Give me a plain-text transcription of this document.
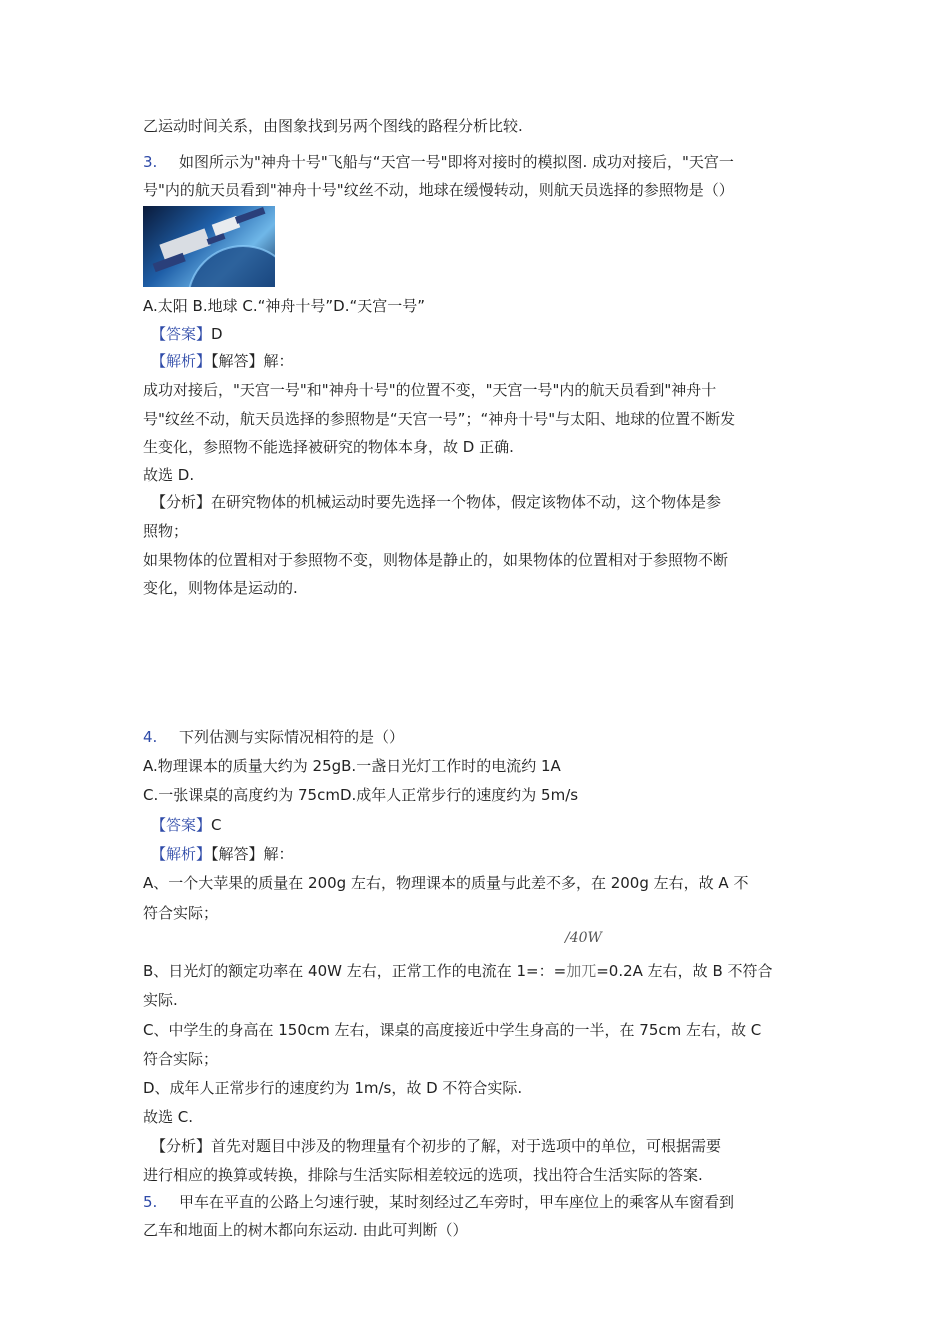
乙运动时间关系，由图象找到另两个图线的路程分析比较.
3. 如图所示为"神舟十号"飞船与“天宫一号"即将对接时的模拟图. 成功对接后，"天宫一
号"内的航天员看到"神舟十号"纹丝不动，地球在缓慢转动，则航天员选择的参照物是（）
A.太阳 B.地球 C.“神舟十号”D.“天宫一号”
【答案】D
【解析】【解答】解：
成功对接后，"天宫一号"和"神舟十号"的位置不变，"天宫一号"内的航天员看到"神舟十
号"纹丝不动，航天员选择的参照物是“天宫一号”；“神舟十号"与太阳、地球的位置不断发
生变化，参照物不能选择被研究的物体本身，故 D 正确.
故选 D.
【分析】在研究物体的机械运动时要先选择一个物体，假定该物体不动，这个物体是参
照物；
如果物体的位置相对于参照物不变，则物体是静止的，如果物体的位置相对于参照物不断
变化，则物体是运动的.
4. 下列估测与实际情况相符的是（）
A.物理课本的质量大约为 25gB.一盏日光灯工作时的电流约 1A
C.一张课桌的高度约为 75cmD.成年人正常步行的速度约为 5m/s
【答案】C
【解析】【解答】解：
A、一个大苹果的质量在 200g 左右，物理课本的质量与此差不多，在 200g 左右，故 A 不
符合实际；
/40W
B、日光灯的额定功率在 40W 左右，正常工作的电流在 1=：=加兀=0.2A 左右，故 B 不符合
实际.
C、中学生的身高在 150cm 左右，课桌的高度接近中学生身高的一半，在 75cm 左右，故 C
符合实际；
D、成年人正常步行的速度约为 1m/s，故 D 不符合实际.
故选 C.
【分析】首先对题目中涉及的物理量有个初步的了解，对于选项中的单位，可根据需要
进行相应的换算或转换，排除与生活实际相差较远的选项，找出符合生活实际的答案.
5. 甲车在平直的公路上匀速行驶，某时刻经过乙车旁时，甲车座位上的乘客从车窗看到
乙车和地面上的树木都向东运动. 由此可判断（）
